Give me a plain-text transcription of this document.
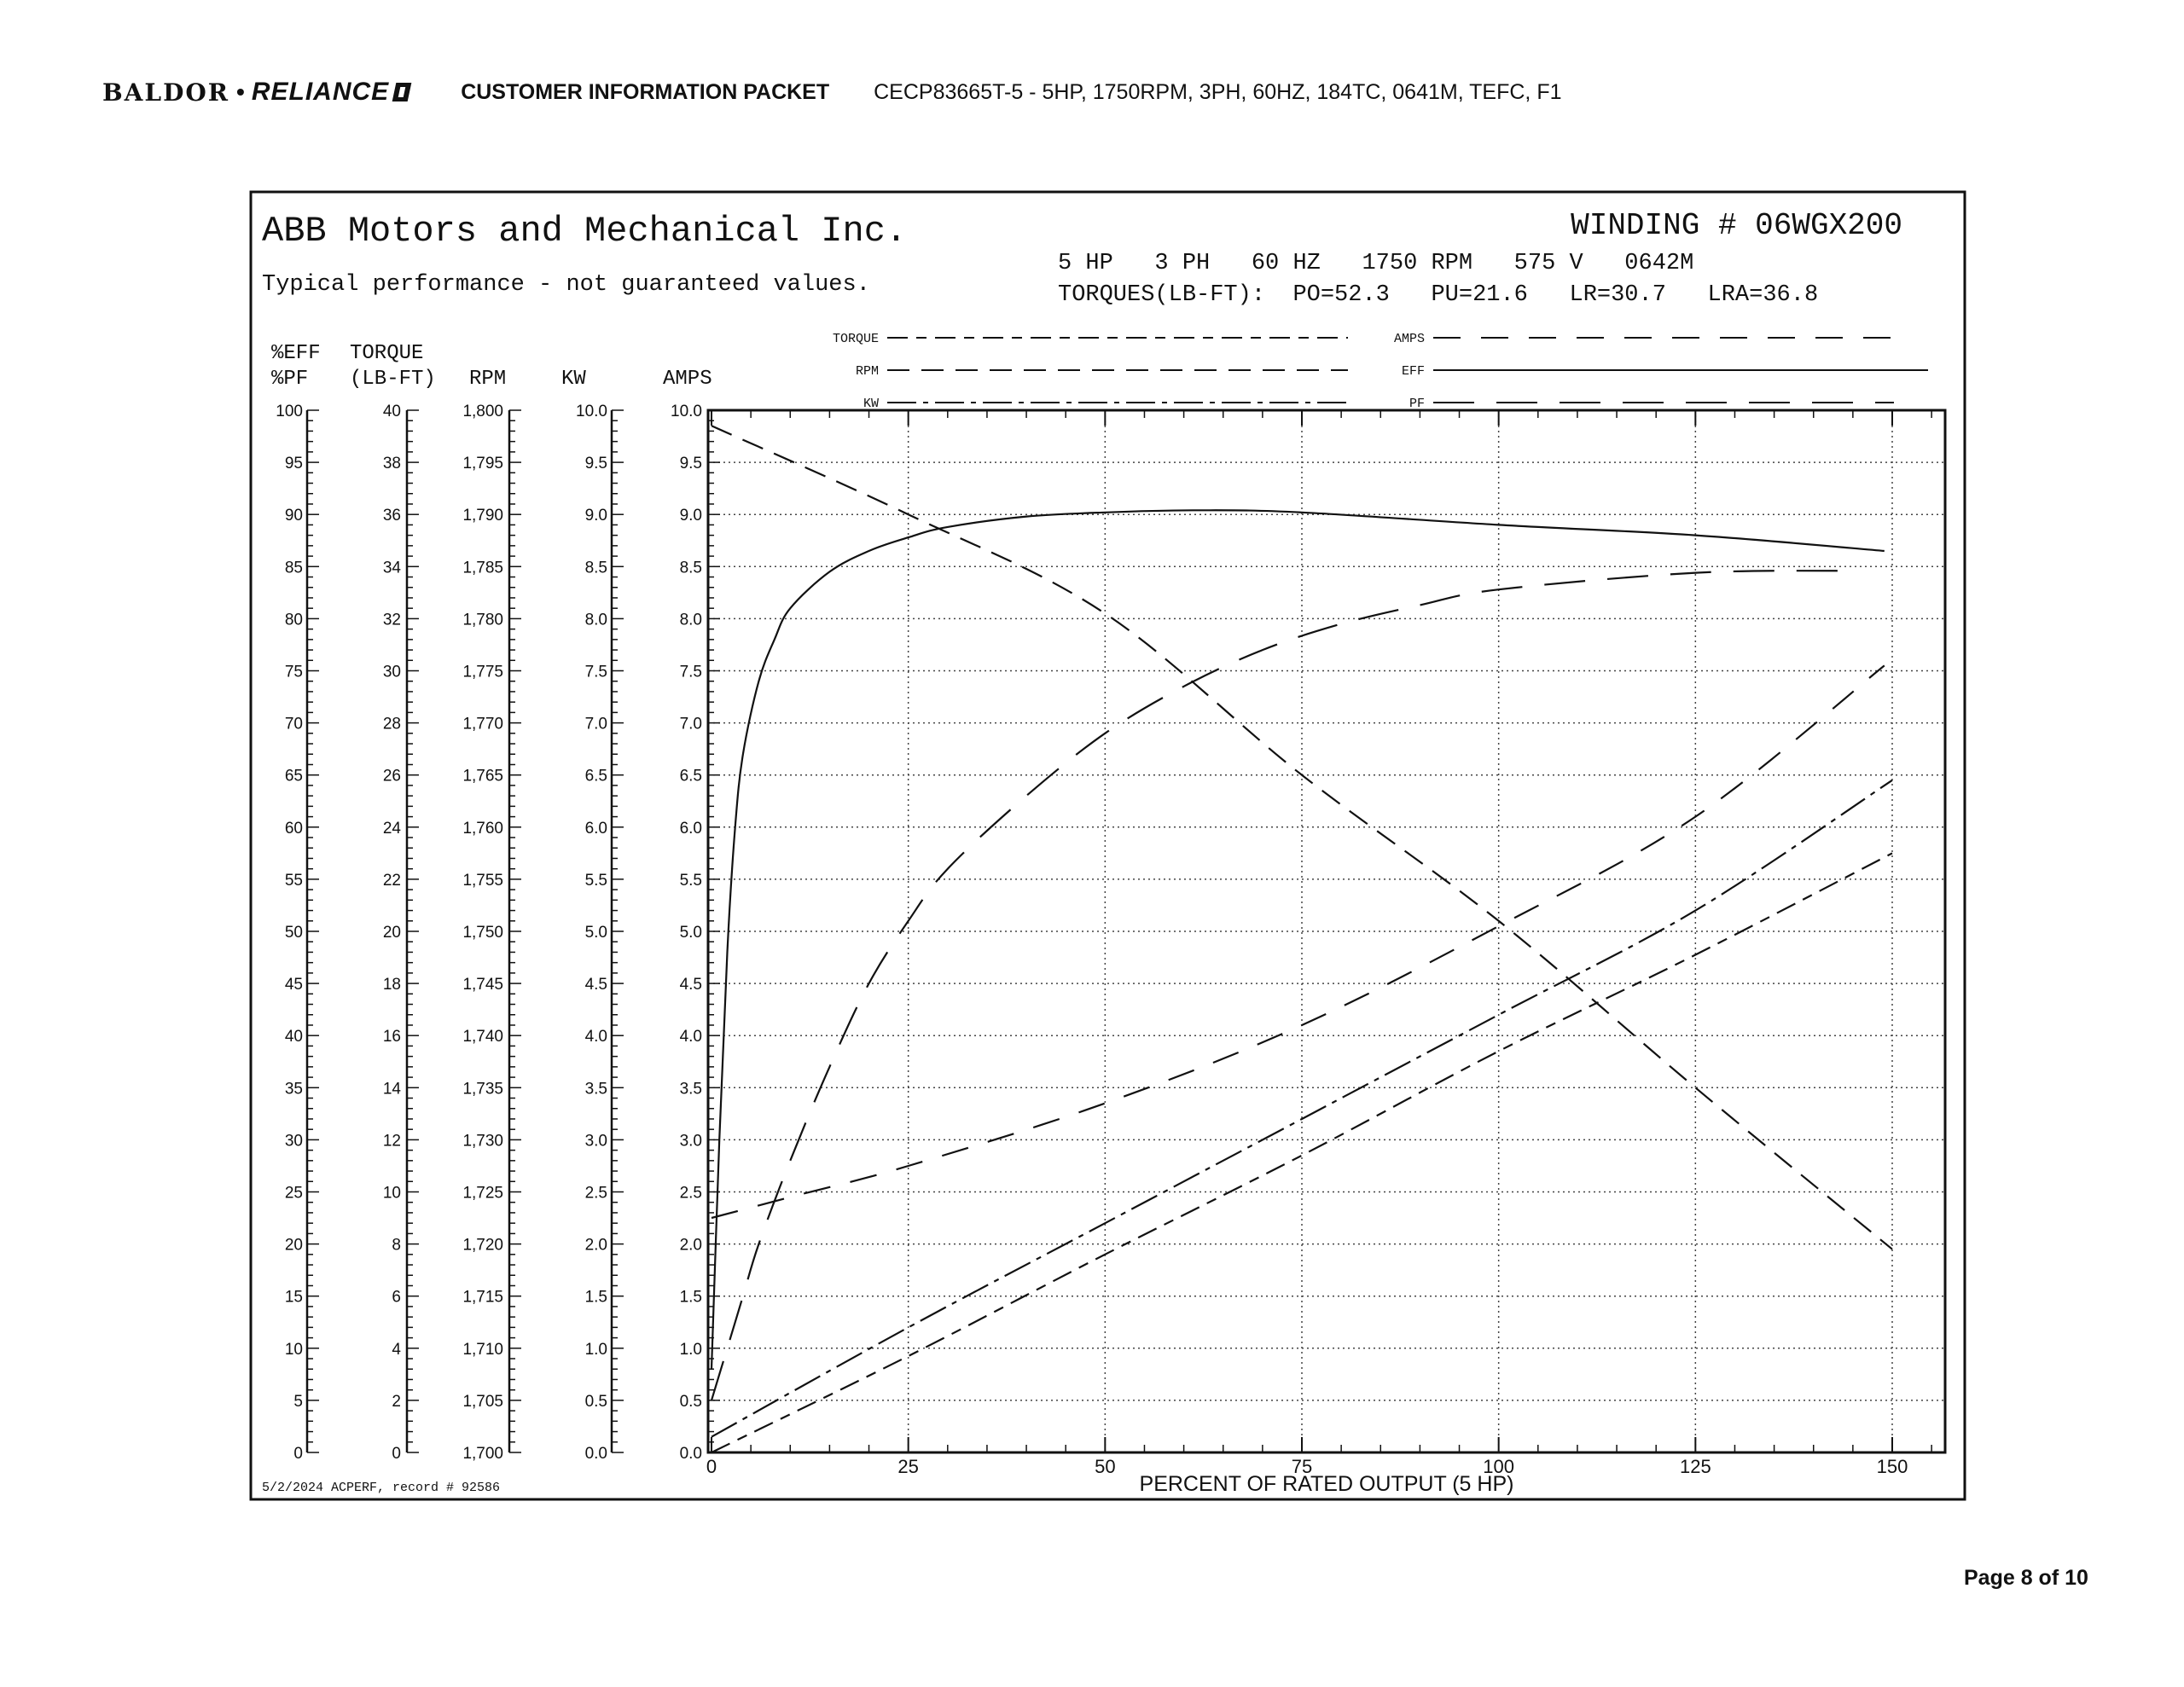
BALDOR • RELIANCE	CUSTOMER INFORMATION PACKET CECP83665T-5 - 5HP, 1750RPM, 3PH, 60HZ, 184TC, 0641M, TEFC, F1
ABB Motors and Mechanical Inc.
Typical performance - not guaranteed values.
WINDING # 06WGX200
5 HP   3 PH   60 HZ   1750 RPM   575 V   0642M
TORQUES(LB-FT):  PO=52.3   PU=21.6   LR=30.7   LRA=36.8
TORQUE
RPM
KW
AMPS
EFF
PF
0
5
10
15
20
25
30
35
40
45
50
55
60
65
70
75
80
85
90
95
100
%EFF
%PF
0
2
4
6
8
10
12
14
16
18
20
22
24
26
28
30
32
34
36
38
40
TORQUE
(LB-FT)
1,700
1,705
1,710
1,715
1,720
1,725
1,730
1,735
1,740
1,745
1,750
1,755
1,760
1,765
1,770
1,775
1,780
1,785
1,790
1,795
1,800
RPM
0.0
0.5
1.0
1.5
2.0
2.5
3.0
3.5
4.0
4.5
5.0
5.5
6.0
6.5
7.0
7.5
8.0
8.5
9.0
9.5
10.0
KW
0.0
0.5
1.0
1.5
2.0
2.5
3.0
3.5
4.0
4.5
5.0
5.5
6.0
6.5
7.0
7.5
8.0
8.5
9.0
9.5
10.0
AMPS
0	25	50	75	100	125	150
PERCENT OF RATED OUTPUT (5 HP)
5/2/2024 ACPERF, record # 92586
Page 8 of 10
